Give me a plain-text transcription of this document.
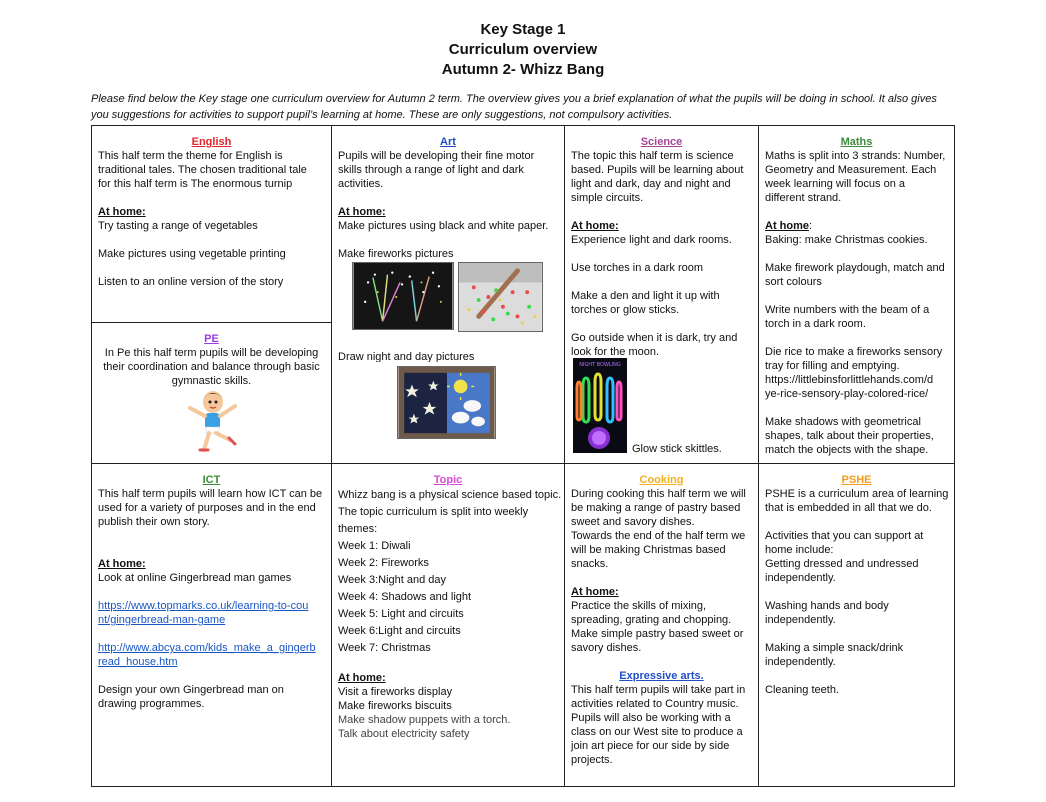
Key Stage 1
Curriculum overview
Autumn 2- Whizz Bang
Please find below the Key stage one curriculum overview for Autumn 2 term. The overview gives you a brief explanation of what the pupils will be doing in school. It also gives
you suggestions for activities to support pupil’s learning at home. These are only suggestions, not compulsory activities.
English
This half term the theme for English is
traditional tales. The chosen traditional tale
for this half term is The enormous turnip
At home:
Try tasting a range of vegetables
Make pictures using vegetable printing
Listen to an online version of the story
PE
In Pe this half term pupils will be developing
their coordination and balance through basic
gymnastic skills.
Art
Pupils will be developing their fine motor
skills through a range of light and dark
activities.
At home:
Make pictures using black and white paper.
Make fireworks pictures
Draw night and day pictures
Science
The topic this half term is science
based. Pupils will be learning about
light and dark, day and night and
simple circuits.
At home:
Experience light and dark rooms.
Use torches in a dark room
Make a den and light it up with
torches or glow sticks.
Go outside when it is dark, try and
look for the moon.
NIGHT BOWLING
Glow stick skittles.
Maths
Maths is split into 3 strands: Number,
Geometry and Measurement. Each
week learning will focus on a
different strand.
At home:
Baking: make Christmas cookies.
Make firework playdough, match and
sort colours
Write numbers with the beam of a
torch in a dark room.
Die rice to make a fireworks sensory
tray for filling and emptying.
https://littlebinsforlittlehands.com/d
ye-rice-sensory-play-colored-rice/
Make shadows with geometrical
shapes, talk about their properties,
match the objects with the shape.
ICT
This half term pupils will learn how ICT can be
used for a variety of purposes and in the end
publish their own story.
At home:
Look at online Gingerbread man games
https://www.topmarks.co.uk/learning-to-cou
nt/gingerbread-man-game
http://www.abcya.com/kids_make_a_gingerb
read_house.htm
Design your own Gingerbread man on
drawing programmes.
Topic
Whizz bang is a physical science based topic.
The topic curriculum is split into weekly
themes:
Week 1: Diwali
Week 2: Fireworks
Week 3:Night and day
Week 4: Shadows and light
Week 5: Light and circuits
Week 6:Light and circuits
Week 7: Christmas
At home:
Visit a fireworks display
Make fireworks biscuits
Make shadow puppets with a torch.
Talk about electricity safety
Cooking
During cooking this half term we will
be making a range of pastry based
sweet and savory dishes.
Towards the end of the half term we
will be making Christmas based
snacks.
At home:
Practice the skills of mixing,
spreading, grating and chopping.
Make simple pastry based sweet or
savory dishes.
Expressive arts.
This half term pupils will take part in
activities related to Country music.
Pupils will also be working with a
class on our West site to produce a
join art piece for our side by side
projects.
PSHE
PSHE is a curriculum area of learning
that is embedded in all that we do.
Activities that you can support at
home include:
Getting dressed and undressed
independently.
Washing hands and body
independently.
Making a simple snack/drink
independently.
Cleaning teeth.
